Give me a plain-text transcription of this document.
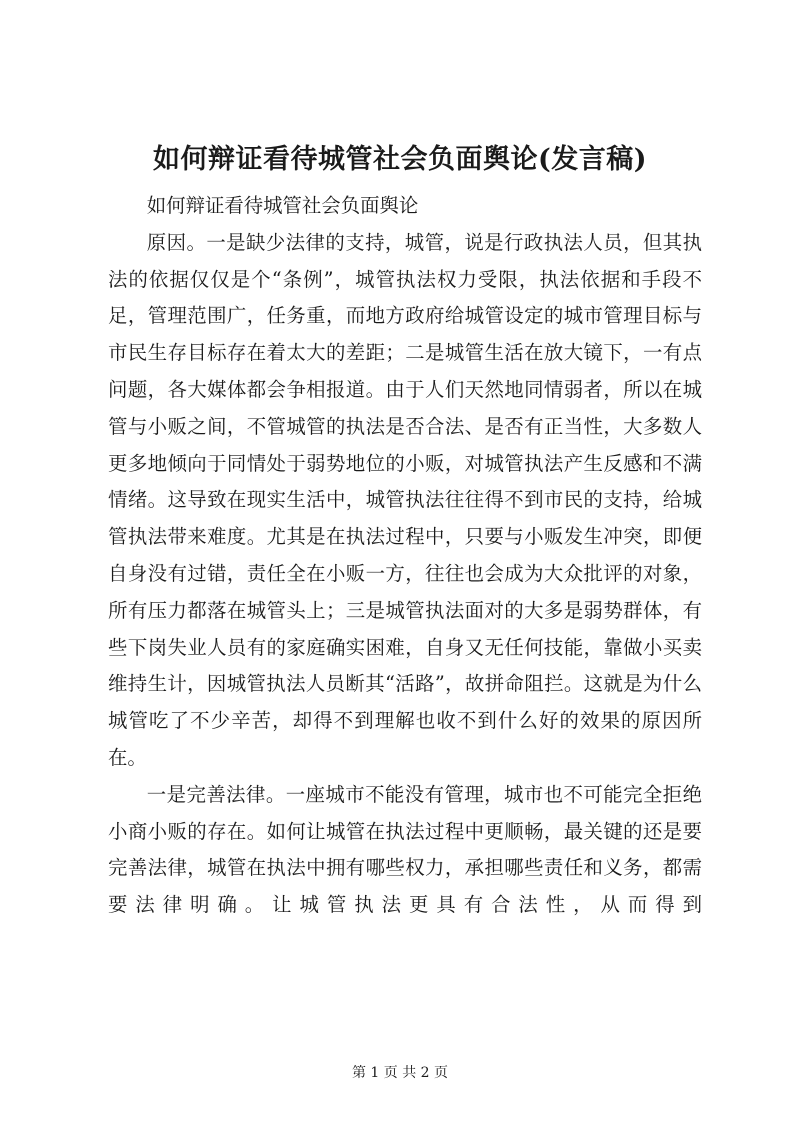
如何辩证看待城管社会负面舆论(发言稿)

如何辩证看待城管社会负面舆论

原因。一是缺少法律的支持，城管，说是行政执法人员，但其执法的依据仅仅是个“条例”，城管执法权力受限，执法依据和手段不足，管理范围广，任务重，而地方政府给城管设定的城市管理目标与市民生存目标存在着太大的差距；二是城管生活在放大镜下，一有点问题，各大媒体都会争相报道。由于人们天然地同情弱者，所以在城管与小贩之间，不管城管的执法是否合法、是否有正当性，大多数人更多地倾向于同情处于弱势地位的小贩，对城管执法产生反感和不满情绪。这导致在现实生活中，城管执法往往得不到市民的支持，给城管执法带来难度。尤其是在执法过程中，只要与小贩发生冲突，即便自身没有过错，责任全在小贩一方，往往也会成为大众批评的对象，所有压力都落在城管头上；三是城管执法面对的大多是弱势群体，有些下岗失业人员有的家庭确实困难，自身又无任何技能，靠做小买卖维持生计，因城管执法人员断其“活路”，故拼命阻拦。这就是为什么城管吃了不少辛苦，却得不到理解也收不到什么好的效果的原因所在。

一是完善法律。一座城市不能没有管理，城市也不可能完全拒绝小商小贩的存在。如何让城管在执法过程中更顺畅，最关键的还是要完善法律，城管在执法中拥有哪些权力，承担哪些责任和义务，都需要法律明确。让城管执法更具有合法性，从而得到

第 1 页 共 2 页
